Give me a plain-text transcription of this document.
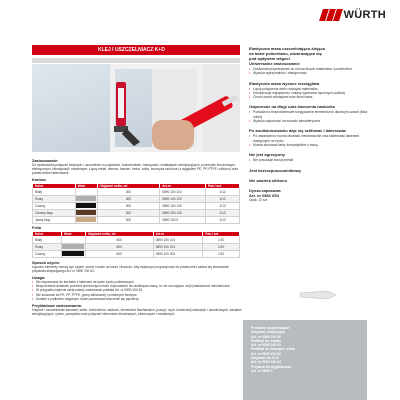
WÜRTH
KLEJ I USZCZELNIACZ K+D
Zastosowanie:
Do wytwarzania połączeń klejonych i uszczelnień w pojazdach, budownictwie, maszynach, instalacjach wentylacyjnych, przemyśle stoczniowym, elektrycznym, klimatyzacji i metalowym. Łączy metal, drewno, kamień, beton, szkło, tworzywa sztuczne (z wyjątkiem PE, PP, PTFE i silikonu) oraz powierzchnie lakierowane.
Kartusz
Kolor	Wzór	Objętość netto, ml	Art.nr	Pak./ szt.
Biały		300	0890 100 110	1/12
Szary		300	0890 100 120	1/12
Czarny		300	0890 100 130	1/12
Ciemny brąz		300	0890 100 140	1/12
Jasny brąz		300	0890 100 5	1/12
Folia
Kolor	Wzór	Objętość netto, ml	Art.nr	Pak./ szt.
Biały		600	0890 100 101	1/20
Szary		600	0890 100 201	1/20
Czarny		600	0890 100 301	1/20
Sposób użycia:
Łączone elementy muszą być czyste, suche i wolne od kurzu i tłuszczu. Aby zwiększyć przyczepność do powierzchni zaleca się stosowanie preparatu aktywującego Art. nr 0890 100 63.
Uwaga:
• Nie dopuszczać do kontaktu z lakierami na bazie żywic poliestrowych.
• Bezpośrednie działanie promieni słonecznych może doprowadzić do zżółknięcia masy, co nie ma wpływu na jej właściwości mechaniczne.
• W przypadku klejenia szkła należy zastosować podkład Art. nr 0890 100 63.
• Nie stosować do PE, PP, PTFE, gumy silikonowej i podobnych tworzyw.
• Kontakt z podłożem wilgotnym może powodować tworzenie się pęcherzy.
Przykładowe zastosowania:
Klejenie i uszczelnianie karoserii, kabin, kontenerów, nadwozi, elementów blacharskich, poszyć, szyb, konstrukcji stalowych i aluminiowych, kanałów wentylacyjnych, rynien, parapetów oraz połączeń elementów drewnianych, betonowych i metalowych.
Elastyczna masa uszczelniająco-klejąca
na bazie poliuretanu, utwardzająca się
pod wpływem wilgoci
Uniwersalne zastosowanie
• Doskonała przyczepność do różnorodnych materiałów i powierzchni
• Wysoka wytrzymałość i elastyczność
Elastyczna masa wysoce rozciągliwa
• Łączy połączenia wielu rodzajów materiałów
• Kompensuje naprężenia i zmiany wymiarów łączonych podłoży
• Chroni przed wibracjami oraz tłumi hałas
Odporność na długi czas tworzenia naskórka
• Pozwala na bezproblemowe korygowanie elementów w dłuższym czasie (kilka minut)
• Wysoka odporność na warunki atmosferyczne
Po zwulkanizowaniu daje się szlifować i lakierować
• Po utwardzeniu można obrabiać mechanicznie oraz lakierować lakierami dostępnymi na rynku
• Można stosować farby kompatybilne z masą
Nie jest agresywny
• Nie powoduje korozji metali
Jest bezrozpuszczalnikowy
Nie zawiera silikonu
Dysza zapasowa
Art. nr 0891 653
Opak. 10 szt.
Produkty uzupełniające:
Zmywacz aktywujący
Art. nr 0890 100 60
Podkład do metalu
Art. nr 0890 100 61
Podkład do tworzyw / szkła
Art. nr 0890 100 62
Zmywacz do K+D
Art. nr 0890 100 63
Preparat do wygładzania
Art. nr 0890 5
